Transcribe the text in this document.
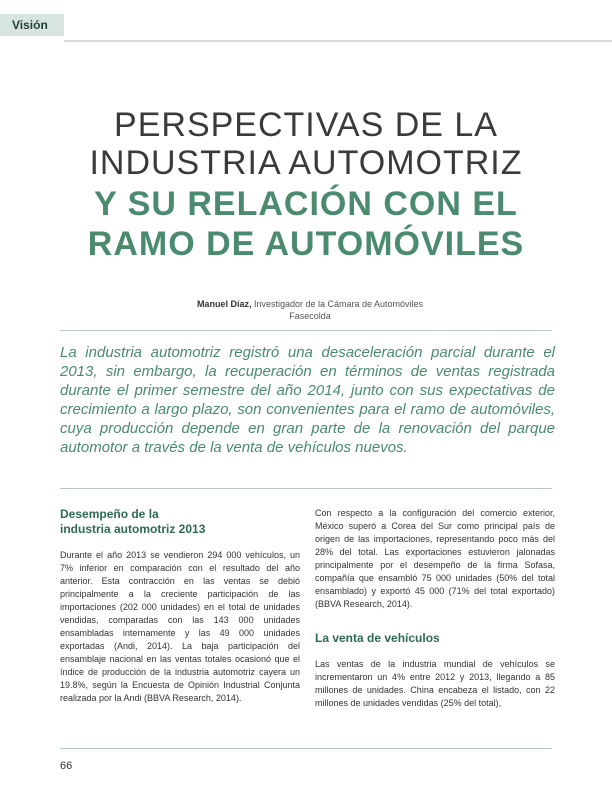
Visión
PERSPECTIVAS DE LA
INDUSTRIA AUTOMOTRIZ
Y SU RELACIÓN CON EL
RAMO DE AUTOMÓVILES
Manuel Díaz, Investigador de la Cámara de Automóviles
Fasecolda

La industria automotriz registró una desaceleración parcial durante el 2013, sin embargo, la recuperación en términos de ventas registrada durante el primer semestre del año 2014, junto con sus expectativas de crecimiento a largo plazo, son convenientes para el ramo de automóviles, cuya producción depende en gran parte de la renovación del parque automotor a través de la venta de vehículos nuevos.

Desempeño de la
industria automotriz 2013

Durante el año 2013 se vendieron 294 000 vehículos, un 7% inferior en comparación con el resultado del año anterior. Esta contracción en las ventas se debió principalmente a la creciente participación de las importaciones (202 000 unidades) en el total de unidades vendidas, comparadas con las 143 000 unidades ensambladas internamente y las 49 000 unidades exportadas (Andi, 2014). La baja participación del ensamblaje nacional en las ventas totales ocasionó que el índice de producción de la industria automotriz cayera un 19.8%, según la Encuesta de Opinión Industrial Conjunta realizada por la Andi (BBVA Research, 2014).

Con respecto a la configuración del comercio exterior, México superó a Corea del Sur como principal país de origen de las importaciones, representando poco más del 28% del total. Las exportaciones estuvieron jalonadas principalmente por el desempeño de la firma Sofasa, compañía que ensambló 75 000 unidades (50% del total ensamblado) y exportó 45 000 (71% del total exportado) (BBVA Research, 2014).

La venta de vehículos

Las ventas de la industria mundial de vehículos se incrementaron un 4% entre 2012 y 2013, llegando a 85 millones de unidades. China encabeza el listado, con 22 millones de unidades vendidas (25% del total),

66
